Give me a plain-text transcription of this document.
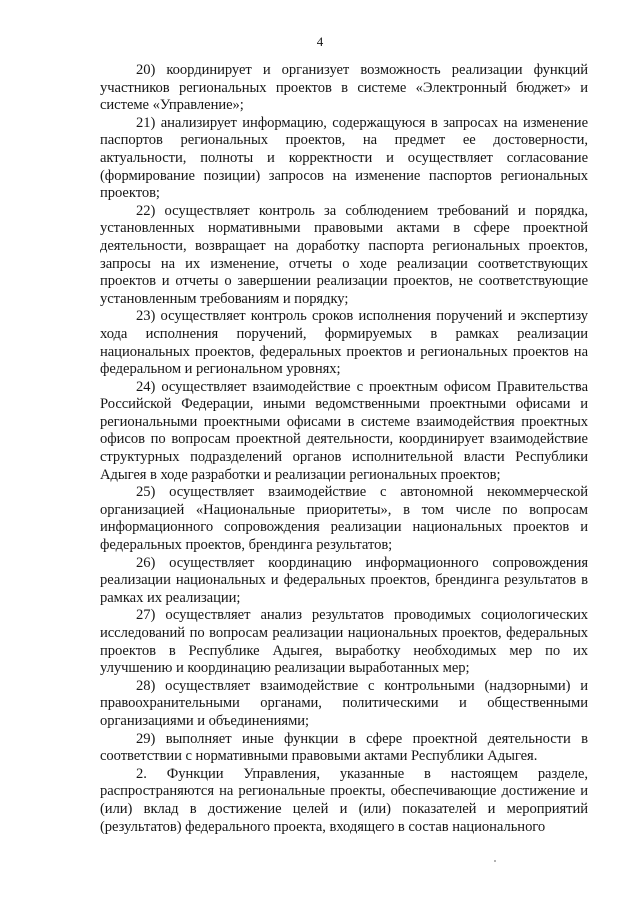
4

20) координирует и организует возможность реализации функций участников региональных проектов в системе «Электронный бюджет» и системе «Управление»;

21) анализирует информацию, содержащуюся в запросах на изменение паспортов региональных проектов, на предмет ее достоверности, актуальности, полноты и корректности и осуществляет согласование (формирование позиции) запросов на изменение паспортов региональных проектов;

22) осуществляет контроль за соблюдением требований и порядка, установленных нормативными правовыми актами в сфере проектной деятельности, возвращает на доработку паспорта региональных проектов, запросы на их изменение, отчеты о ходе реализации соответствующих проектов и отчеты о завершении реализации проектов, не соответствующие установленным требованиям и порядку;

23) осуществляет контроль сроков исполнения поручений и экспертизу хода исполнения поручений, формируемых в рамках реализации национальных проектов, федеральных проектов и региональных проектов на федеральном и региональном уровнях;

24) осуществляет взаимодействие с проектным офисом Правительства Российской Федерации, иными ведомственными проектными офисами и региональными проектными офисами в системе взаимодействия проектных офисов по вопросам проектной деятельности, координирует взаимодействие структурных подразделений органов исполнительной власти Республики Адыгея в ходе разработки и реализации региональных проектов;

25) осуществляет взаимодействие с автономной некоммерческой организацией «Национальные приоритеты», в том числе по вопросам информационного сопровождения реализации национальных проектов и федеральных проектов, брендинга результатов;

26) осуществляет координацию информационного сопровождения реализации национальных и федеральных проектов, брендинга результатов в рамках их реализации;

27) осуществляет анализ результатов проводимых социологических исследований по вопросам реализации национальных проектов, федеральных проектов в Республике Адыгея, выработку необходимых мер по их улучшению и координацию реализации выработанных мер;

28) осуществляет взаимодействие с контрольными (надзорными) и правоохранительными органами, политическими и общественными организациями и объединениями;

29) выполняет иные функции в сфере проектной деятельности в соответствии с нормативными правовыми актами Республики Адыгея.

2. Функции Управления, указанные в настоящем разделе, распространяются на региональные проекты, обеспечивающие достижение и (или) вклад в достижение целей и (или) показателей и мероприятий (результатов) федерального проекта, входящего в состав национального
